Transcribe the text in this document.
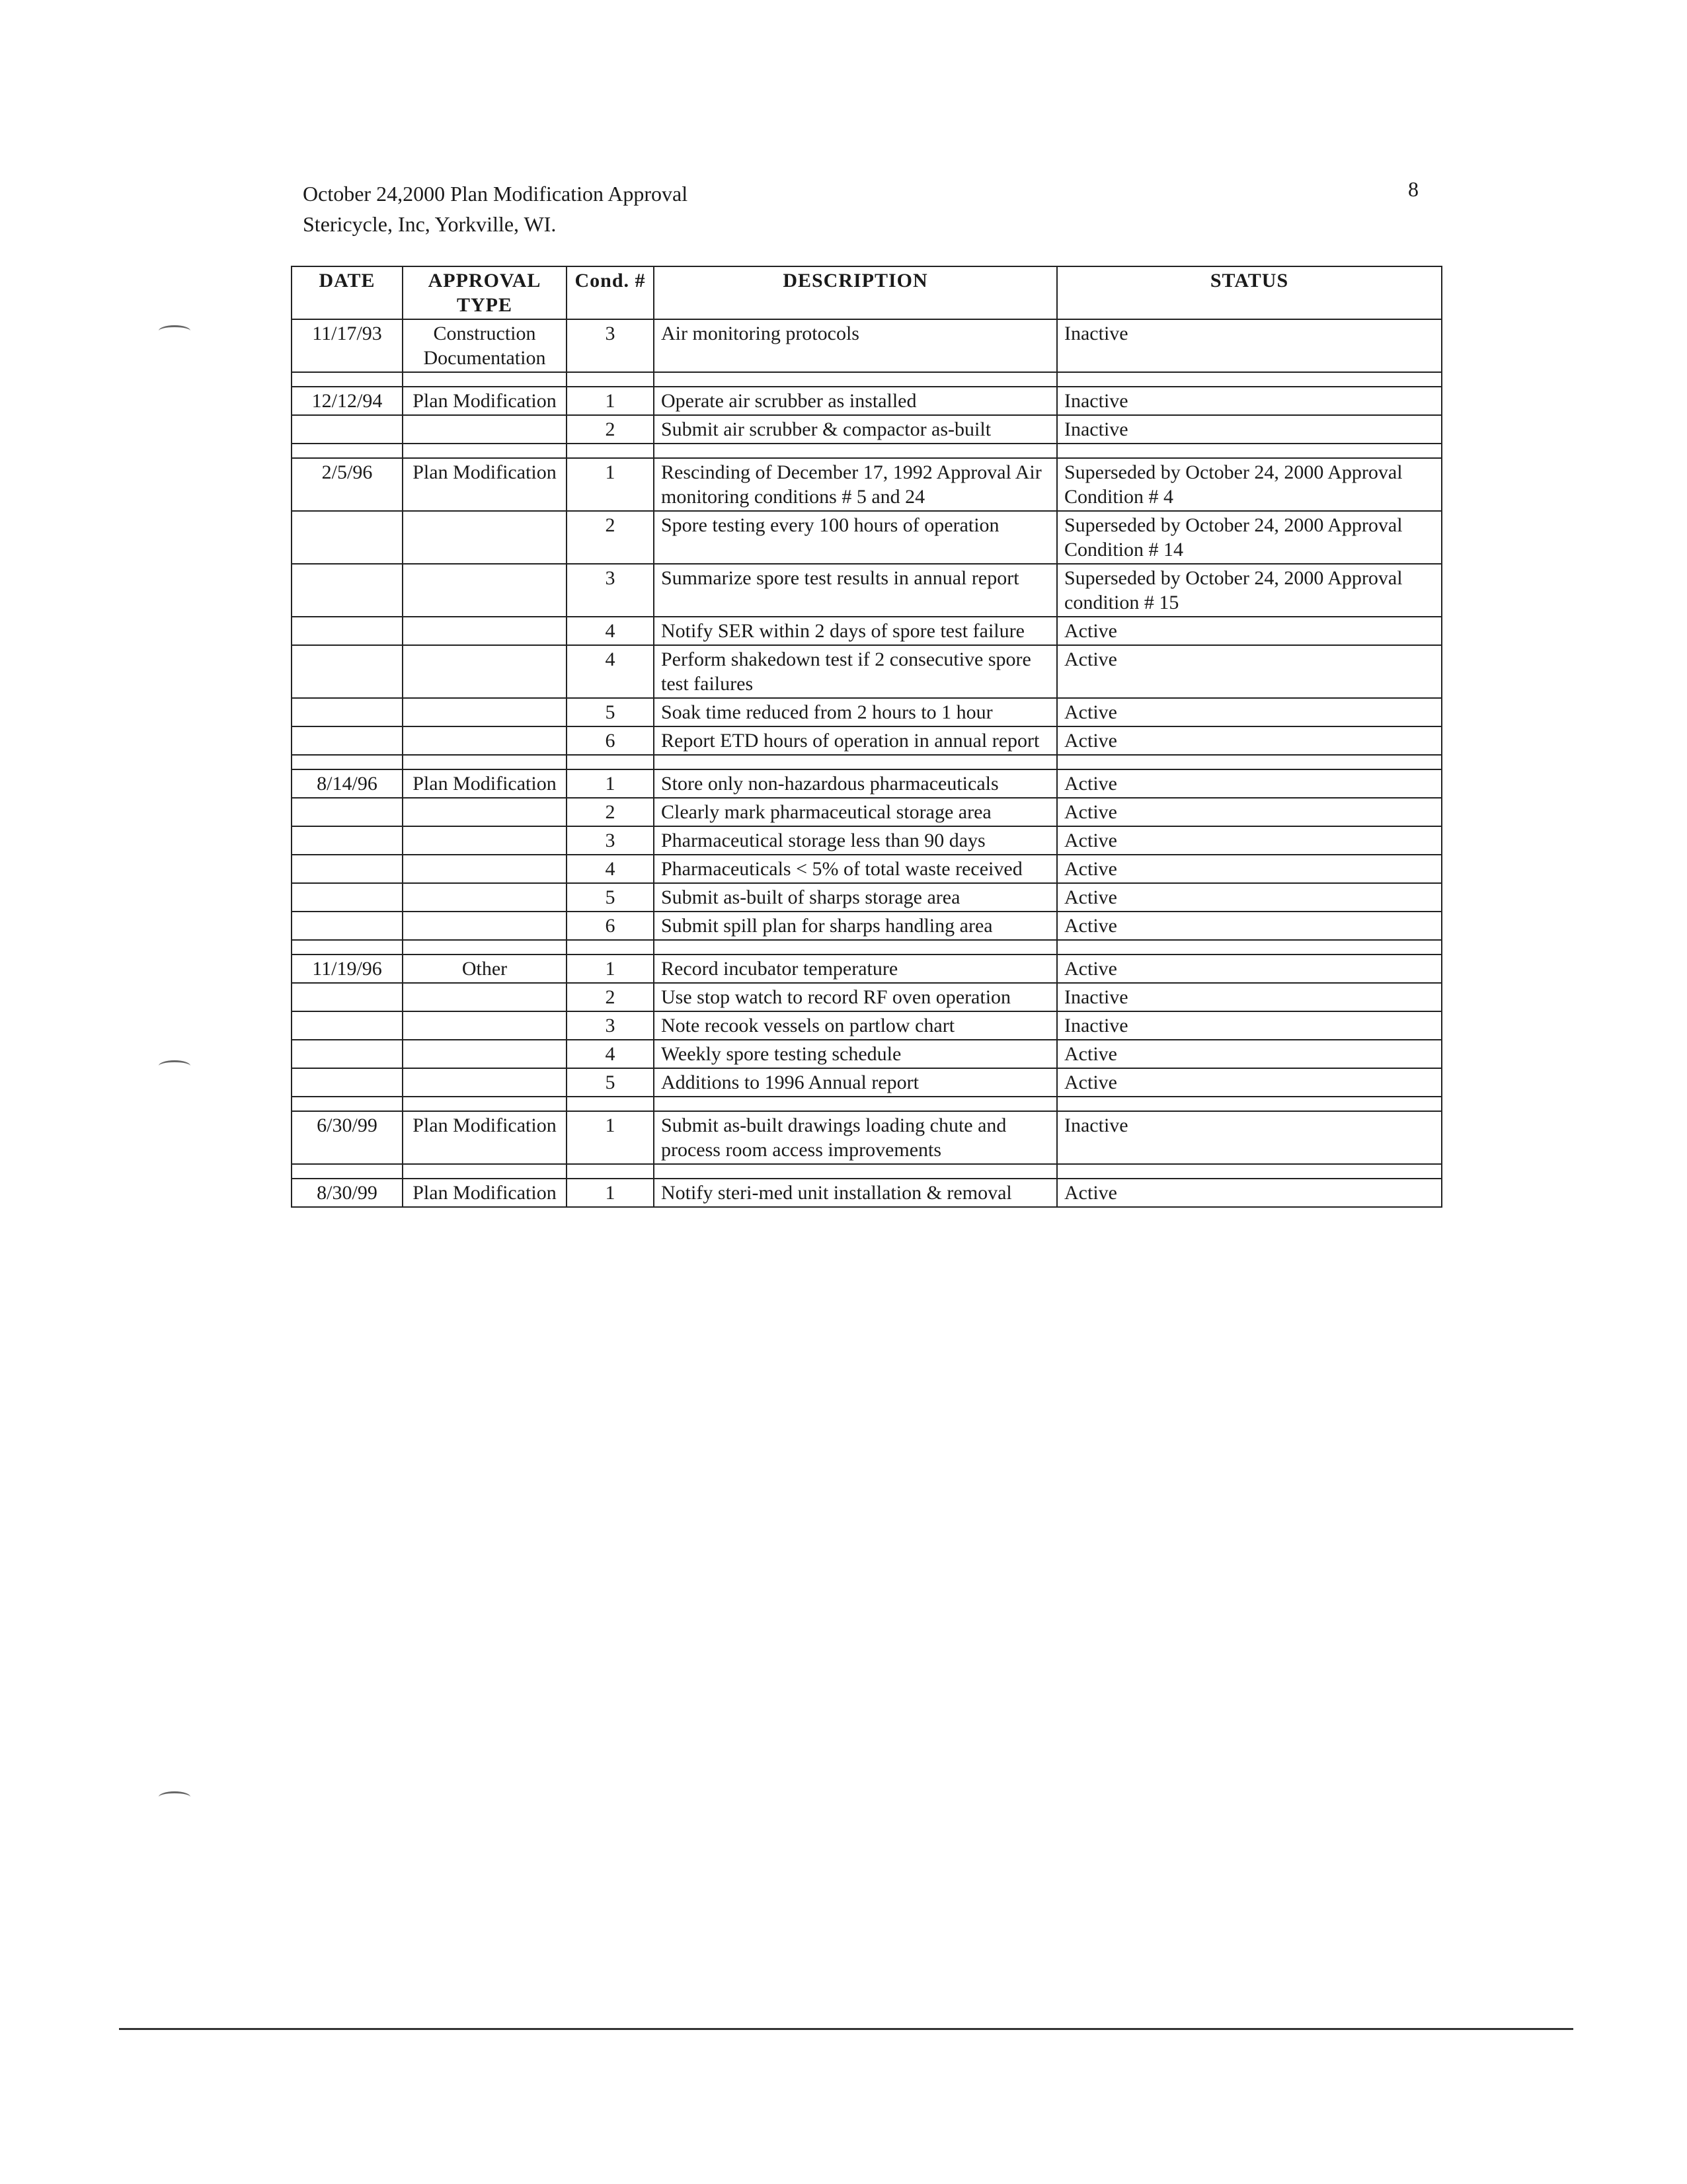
October 24,2000 Plan Modification Approval
Stericycle, Inc, Yorkville, WI.
8
DATE	APPROVAL TYPE	Cond. #	DESCRIPTION	STATUS
11/17/93	Construction Documentation	3	Air monitoring protocols	Inactive

12/12/94	Plan Modification	1	Operate air scrubber as installed	Inactive
		2	Submit air scrubber & compactor as-built	Inactive

2/5/96	Plan Modification	1	Rescinding of December 17, 1992 Approval Air monitoring conditions # 5 and 24	Superseded by October 24, 2000 Approval Condition # 4
		2	Spore testing every 100 hours of operation	Superseded by October 24, 2000 Approval Condition # 14
		3	Summarize spore test results in annual report	Superseded by October 24, 2000 Approval condition # 15
		4	Notify SER within 2 days of spore test failure	Active
		4	Perform shakedown test if 2 consecutive spore test failures	Active
		5	Soak time reduced from 2 hours to 1 hour	Active
		6	Report ETD hours of operation in annual report	Active

8/14/96	Plan Modification	1	Store only non-hazardous pharmaceuticals	Active
		2	Clearly mark pharmaceutical storage area	Active
		3	Pharmaceutical storage less than 90 days	Active
		4	Pharmaceuticals < 5% of total waste received	Active
		5	Submit as-built of sharps storage area	Active
		6	Submit spill plan for sharps handling area	Active

11/19/96	Other	1	Record incubator temperature	Active
		2	Use stop watch to record RF oven operation	Inactive
		3	Note recook vessels on partlow chart	Inactive
		4	Weekly spore testing schedule	Active
		5	Additions to 1996 Annual report	Active

6/30/99	Plan Modification	1	Submit as-built drawings loading chute and process room access improvements	Inactive

8/30/99	Plan Modification	1	Notify steri-med unit installation & removal	Active
